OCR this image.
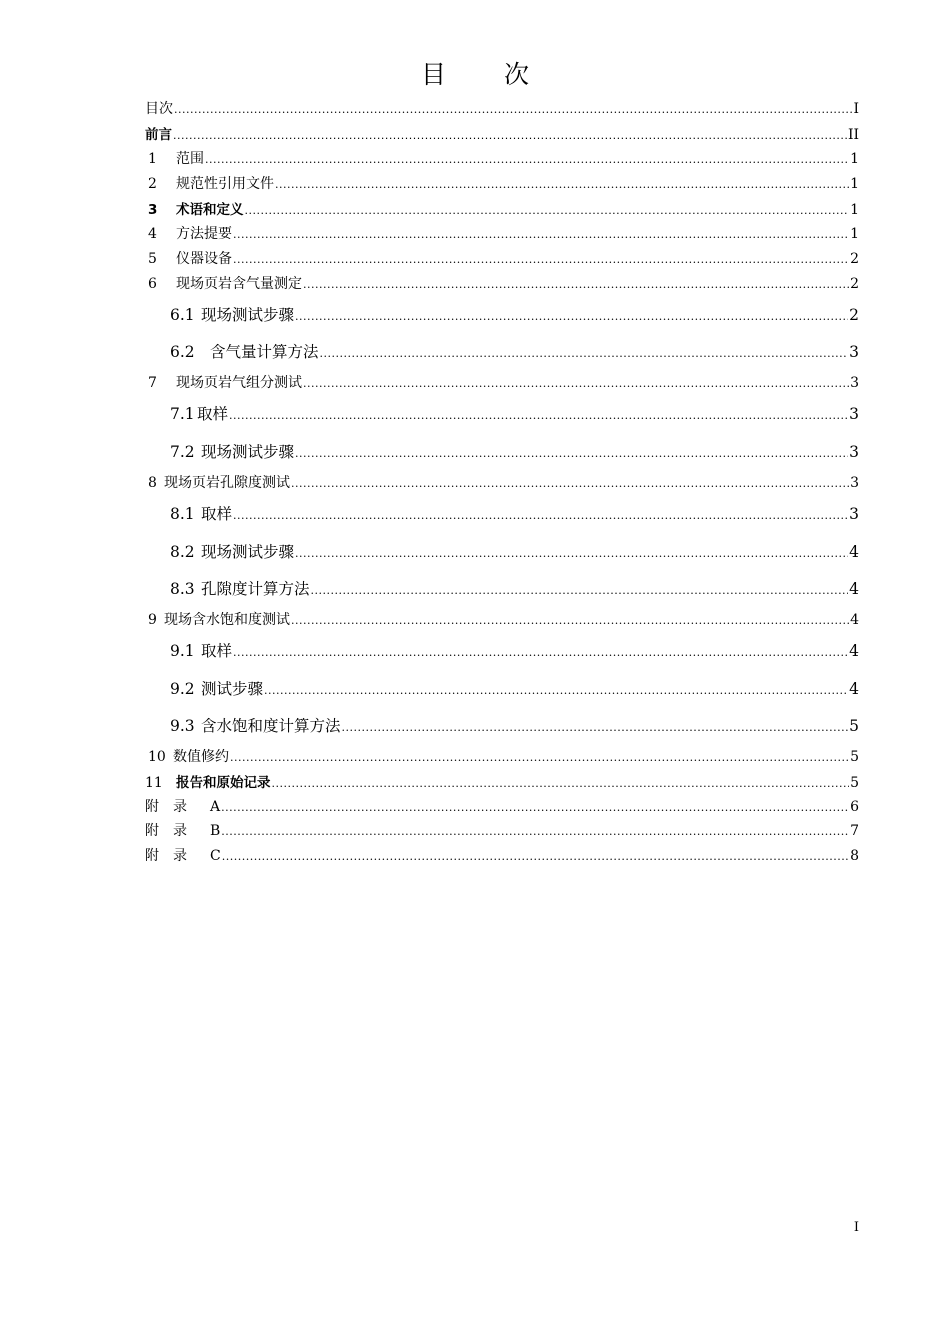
目 次
目次 .....	I
前言 .....	II
1	范围 .....	1
2	规范性引用文件 .....	1
3	术语和定义 .....	1
4	方法提要 .....	1
5	仪器设备 .....	2
6	现场页岩含气量测定 .....	2
6.1 现场测试步骤 .....	2
6.2 含气量计算方法 .....	3
7	现场页岩气组分测试 .....	3
7.1 取样 .....	3
7.2 现场测试步骤 .....	3
8 现场页岩孔隙度测试 .....	3
8.1 取样 .....	3
8.2 现场测试步骤 .....	4
8.3 孔隙度计算方法 .....	4
9 现场含水饱和度测试 .....	4
9.1 取样 .....	4
9.2 测试步骤 .....	4
9.3 含水饱和度计算方法 .....	5
10 数值修约 .....	5
11 报告和原始记录 .....	5
附　录	A .....	6
附　录	B .....	7
附　录	C .....	8
I
